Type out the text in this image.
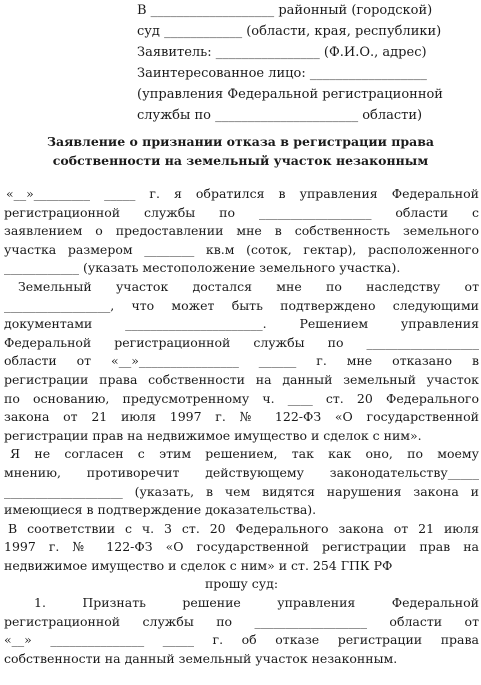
В ___________________ районный (городской)
суд ____________ (области, края, республики)
Заявитель: ________________ (Ф.И.О., адрес)
Заинтересованное лицо: __________________
(управления Федеральной регистрационной
службы по ______________________ области)
Заявление о признании отказа в регистрации права
собственности на земельный участок незаконным
«__»_________ _____ г. я обратился в управления Федеральной
регистрационной службы по __________________ области с
заявлением о предоставлении мне в собственность земельного
участка размером ________ кв.м (соток, гектар), расположенного
____________ (указать местоположение земельного участка).
Земельный участок достался мне по наследству от
_________________, что может быть подтверждено следующими
документами ______________________. Решением управления
Федеральной регистрационной службы по __________________
области от «__»________________ ______ г. мне отказано в
регистрации права собственности на данный земельный участок
по основанию, предусмотренному ч. ____ ст. 20 Федерального
закона от 21 июля 1997 г. № 122-ФЗ «О государственной
регистрации прав на недвижимое имущество и сделок с ним».
Я не согласен с этим решением, так как оно, по моему
мнению, противоречит действующему законодательству_____
___________________ (указать, в чем видятся нарушения закона и
имеющиеся в подтверждение доказательства).
В соответствии с ч. 3 ст. 20 Федерального закона от 21 июля
1997 г. № 122-ФЗ «О государственной регистрации прав на
недвижимое имущество и сделок с ним» и ст. 254 ГПК РФ
прошу суд:
1. Признать решение управления Федеральной
регистрационной службы по __________________ области от
«__» _______________ _____ г. об отказе регистрации права
собственности на данный земельный участок незаконным.
